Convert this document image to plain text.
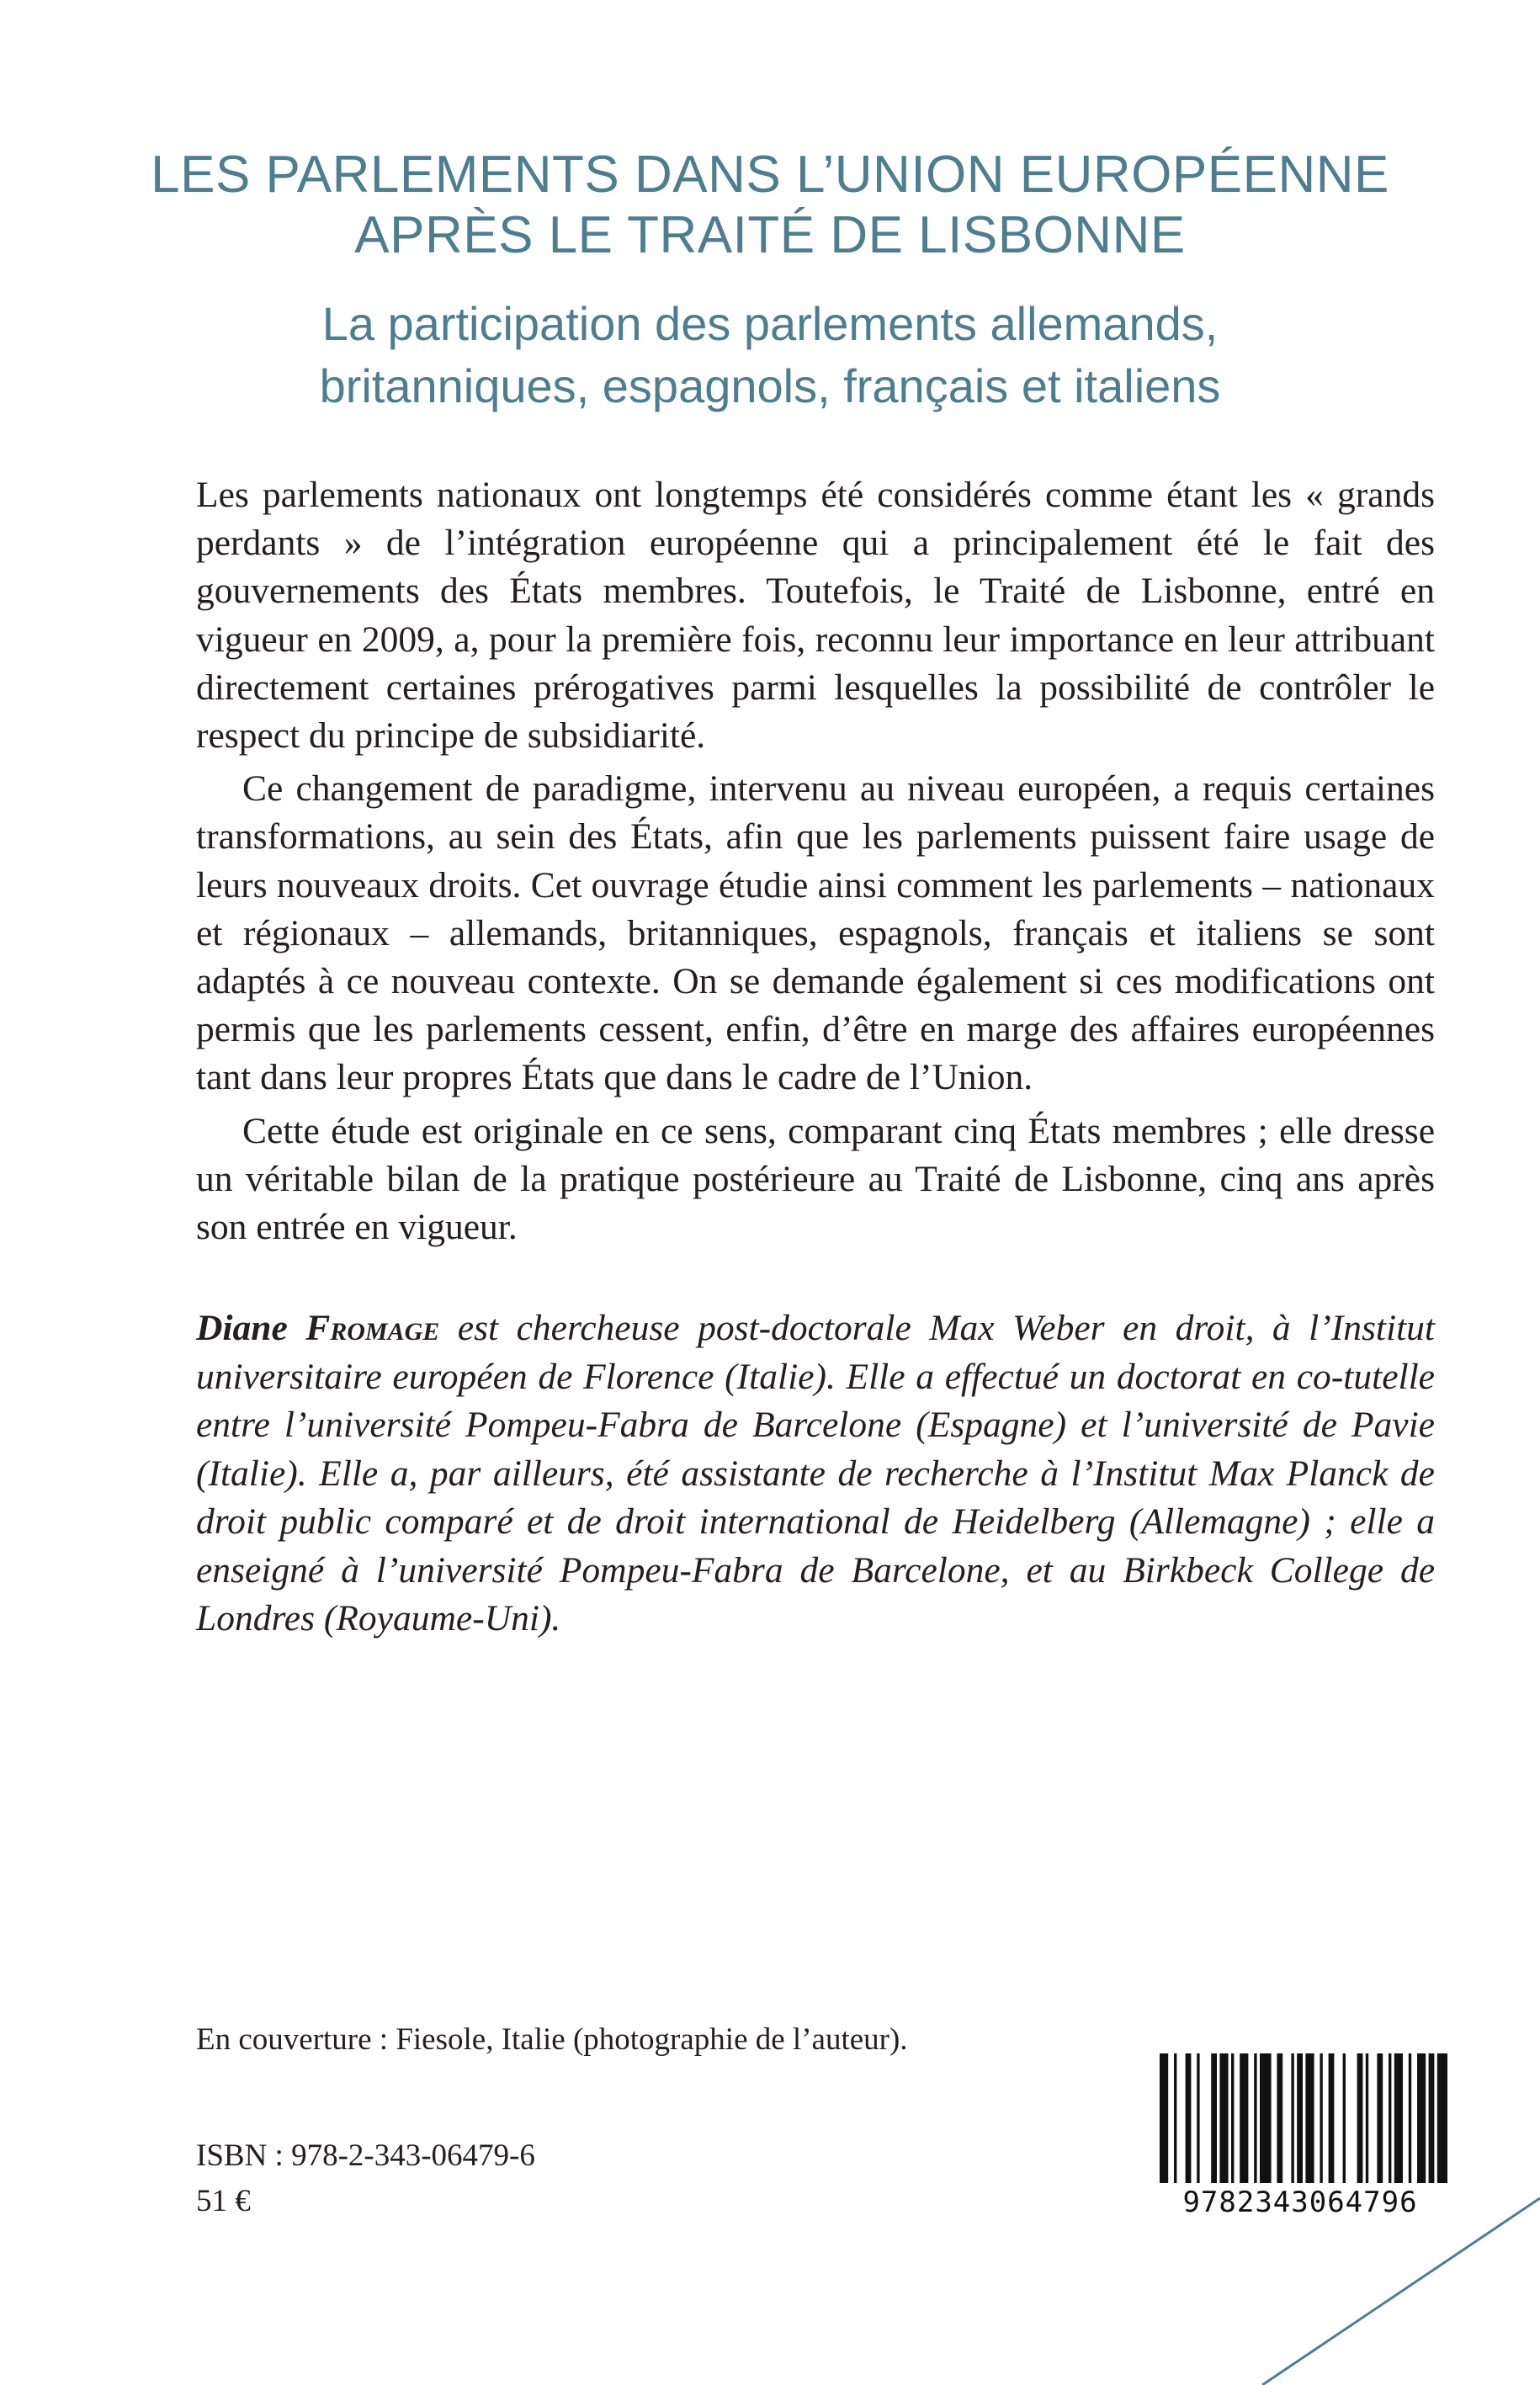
LES PARLEMENTS DANS L’UNION EUROPÉENNE
APRÈS LE TRAITÉ DE LISBONNE
La participation des parlements allemands,
britanniques, espagnols, français et italiens

Les parlements nationaux ont longtemps été considérés comme étant les « grands perdants » de l’intégration européenne qui a principalement été le fait des gouvernements des États membres. Toutefois, le Traité de Lisbonne, entré en vigueur en 2009, a, pour la première fois, reconnu leur importance en leur attribuant directement certaines prérogatives parmi lesquelles la possibilité de contrôler le respect du principe de subsidiarité.

Ce changement de paradigme, intervenu au niveau européen, a requis certaines transformations, au sein des États, afin que les parlements puissent faire usage de leurs nouveaux droits. Cet ouvrage étudie ainsi comment les parlements – nationaux et régionaux – allemands, britanniques, espagnols, français et italiens se sont adaptés à ce nouveau contexte. On se demande également si ces modifications ont permis que les parlements cessent, enfin, d’être en marge des affaires européennes tant dans leur propres États que dans le cadre de l’Union.

Cette étude est originale en ce sens, comparant cinq États membres ; elle dresse un véritable bilan de la pratique postérieure au Traité de Lisbonne, cinq ans après son entrée en vigueur.

Diane Fromage est chercheuse post-doctorale Max Weber en droit, à l’Institut universitaire européen de Florence (Italie). Elle a effectué un doctorat en co-tutelle entre l’université Pompeu-Fabra de Barcelone (Espagne) et l’université de Pavie (Italie). Elle a, par ailleurs, été assistante de recherche à l’Institut Max Planck de droit public comparé et de droit international de Heidelberg (Allemagne) ; elle a enseigné à l’université Pompeu-Fabra de Barcelone, et au Birkbeck College de Londres (Royaume-Uni).

En couverture : Fiesole, Italie (photographie de l’auteur).
ISBN : 978-2-343-06479-6
51 €	9782343064796
